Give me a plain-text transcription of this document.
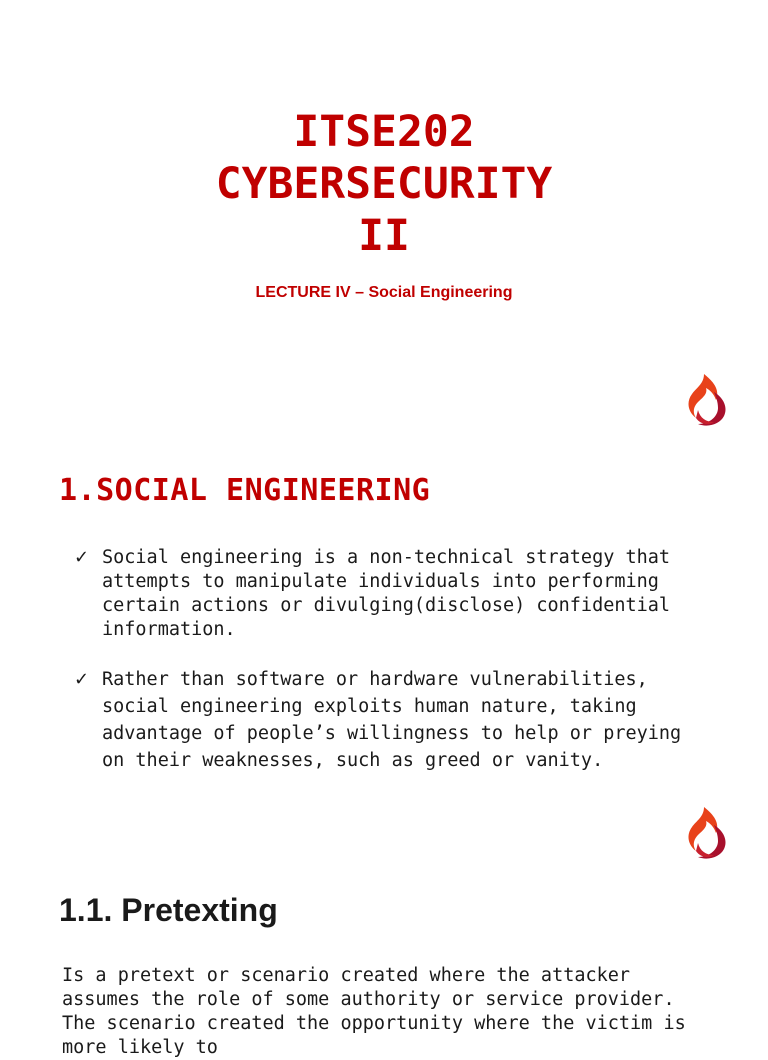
ITSE202
CYBERSECURITY
II

LECTURE IV – Social Engineering

1.SOCIAL ENGINEERING
✓ Social engineering is a non-technical strategy that attempts to manipulate individuals into performing certain actions or divulging(disclose) confidential information.
✓ Rather than software or hardware vulnerabilities, social engineering exploits human nature, taking advantage of people’s willingness to help or preying on their weaknesses, such as greed or vanity.
1.1. Pretexting

Is a pretext or scenario created where the attacker assumes the role of some authority or service provider. The scenario created the opportunity where the victim is more likely to
